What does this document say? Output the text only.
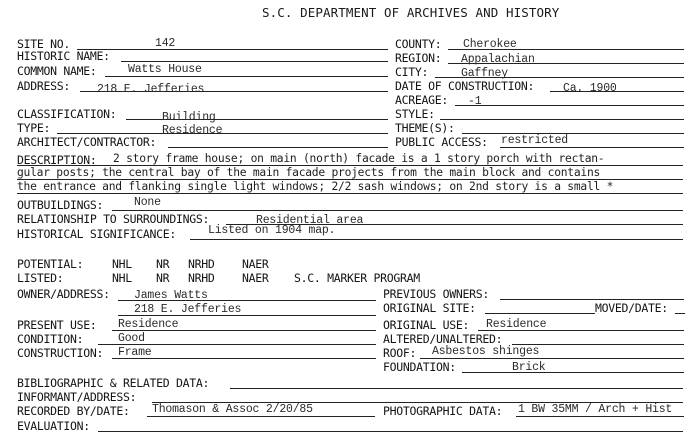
S.C. DEPARTMENT OF ARCHIVES AND HISTORY
SITE NO.	142
HISTORIC NAME:
COMMON NAME:	Watts House
ADDRESS: 218 E. Jefferies
COUNTY: Cherokee
REGION: Appalachian
CITY:	Gaffney
DATE OF CONSTRUCTION:	Ca. 1900
ACREAGE: -1
CLASSIFICATION:	Building
TYPE:	Residence
ARCHITECT/CONTRACTOR:
STYLE:
THEME(S):
PUBLIC ACCESS: restricted
DESCRIPTION: 2 story frame house; on main (north) facade is a 1 story porch with rectan-
gular posts; the central bay of the main facade projects from the main block and contains
the entrance and flanking single light windows; 2/2 sash windows; on 2nd story is a small *
OUTBUILDINGS:	None
RELATIONSHIP TO SURROUNDINGS:	Residential area
HISTORICAL SIGNIFICANCE:	Listed on 1904 map.
POTENTIAL:	NHL NR NRHD NAER
LISTED:	NHL NR NRHD NAER S.C. MARKER PROGRAM
OWNER/ADDRESS: James Watts
218 E. Jefferies
PREVIOUS OWNERS:
ORIGINAL SITE:	MOVED/DATE:
PRESENT USE: Residence	ORIGINAL USE: Residence
CONDITION:	Good	ALTERED/UNALTERED:
CONSTRUCTION: Frame	ROOF: Asbestos shinges
FOUNDATION:	Brick
BIBLIOGRAPHIC & RELATED DATA:
INFORMANT/ADDRESS:
RECORDED BY/DATE: Thomason & Assoc 2/20/85	PHOTOGRAPHIC DATA: 1 BW 35MM / Arch + Hist
EVALUATION:
